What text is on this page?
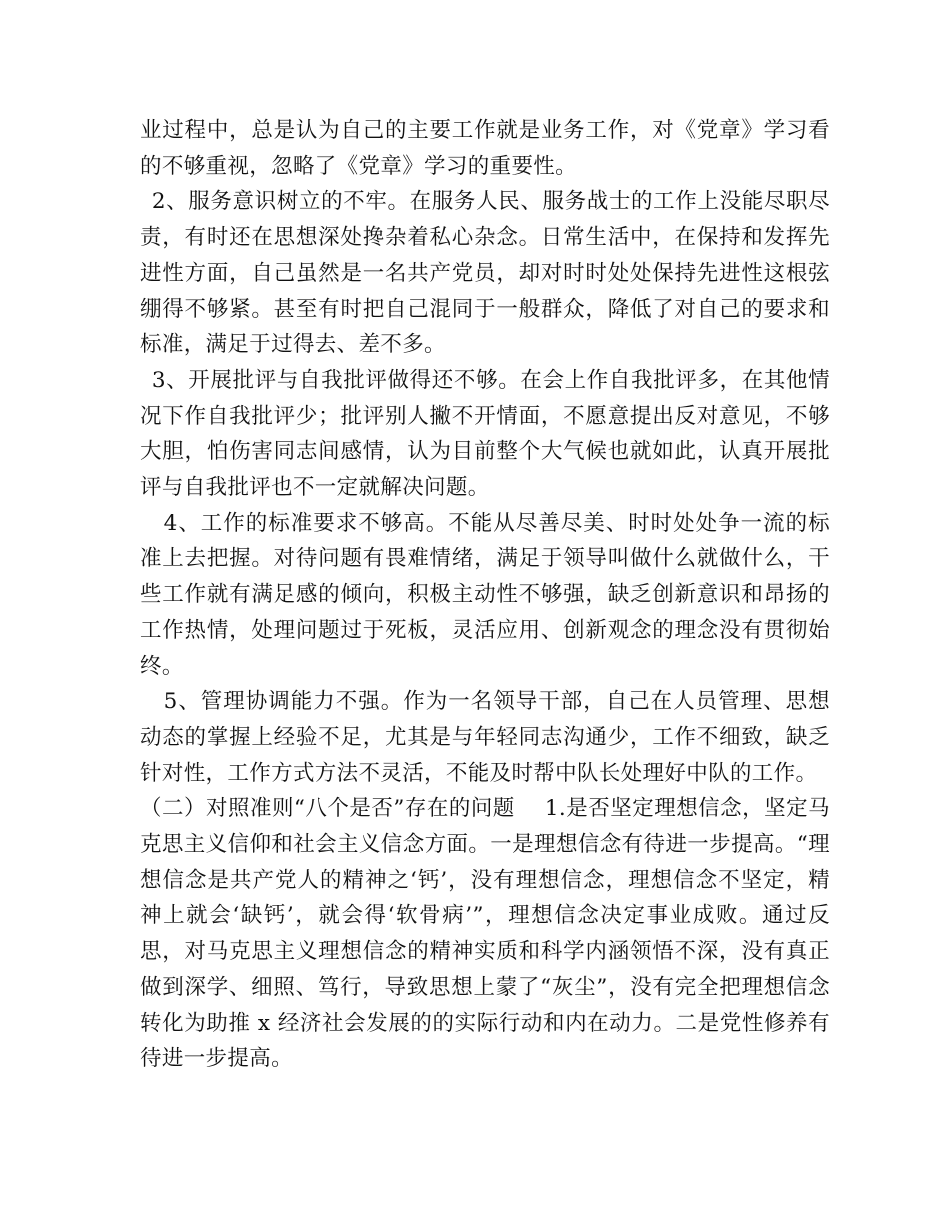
业过程中，总是认为自己的主要工作就是业务工作，对《党章》学习看的不够重视，忽略了《党章》学习的重要性。

2、服务意识树立的不牢。在服务人民、服务战士的工作上没能尽职尽责，有时还在思想深处搀杂着私心杂念。日常生活中，在保持和发挥先进性方面，自己虽然是一名共产党员，却对时时处处保持先进性这根弦绷得不够紧。甚至有时把自己混同于一般群众，降低了对自己的要求和标准，满足于过得去、差不多。

3、开展批评与自我批评做得还不够。在会上作自我批评多，在其他情况下作自我批评少；批评别人撇不开情面，不愿意提出反对意见，不够大胆，怕伤害同志间感情，认为目前整个大气候也就如此，认真开展批评与自我批评也不一定就解决问题。

4、工作的标准要求不够高。不能从尽善尽美、时时处处争一流的标准上去把握。对待问题有畏难情绪，满足于领导叫做什么就做什么，干些工作就有满足感的倾向，积极主动性不够强，缺乏创新意识和昂扬的工作热情，处理问题过于死板，灵活应用、创新观念的理念没有贯彻始终。

5、管理协调能力不强。作为一名领导干部，自己在人员管理、思想动态的掌握上经验不足，尤其是与年轻同志沟通少，工作不细致，缺乏针对性，工作方式方法不灵活，不能及时帮中队长处理好中队的工作。

（二）对照准则“八个是否”存在的问题 1.是否坚定理想信念，坚定马克思主义信仰和社会主义信念方面。一是理想信念有待进一步提高。“理想信念是共产党人的精神之‘钙’，没有理想信念，理想信念不坚定，精神上就会‘缺钙’，就会得‘软骨病’”，理想信念决定事业成败。通过反思，对马克思主义理想信念的精神实质和科学内涵领悟不深，没有真正做到深学、细照、笃行，导致思想上蒙了“灰尘”，没有完全把理想信念转化为助推 x 经济社会发展的的实际行动和内在动力。二是党性修养有待进一步提高。
